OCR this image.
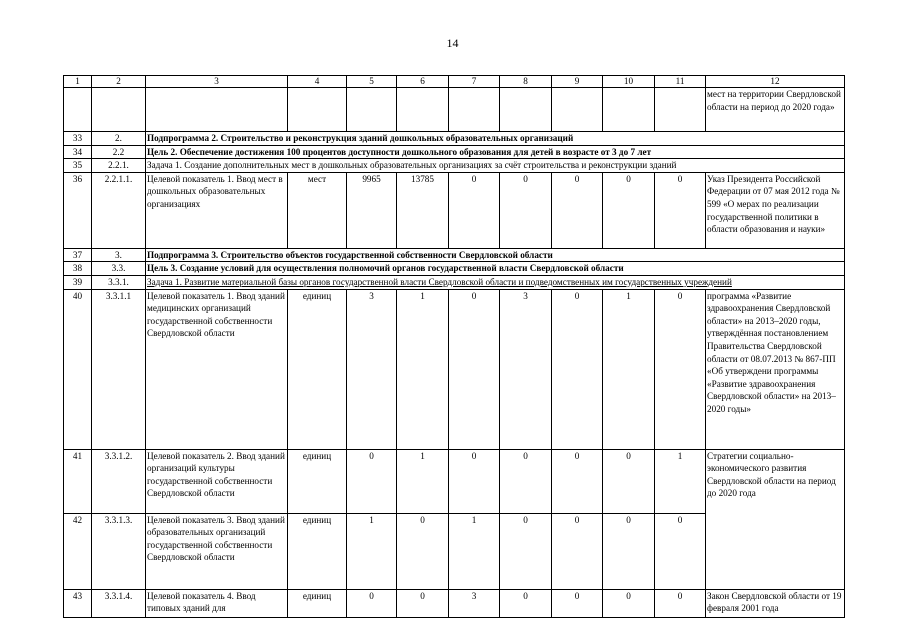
14
1	2	3	4	5	6	7	8	9	10	11	12
											мест на территории Свердловской области на период до 2020 года»
33	2.	Подпрограмма 2. Строительство и реконструкция зданий дошкольных образовательных организаций									
34	2.2	Цель 2. Обеспечение достижения 100 процентов доступности дошкольного образования для детей в возрасте от 3 до 7 лет									
35	2.2.1.	Задача 1. Создание дополнительных мест в дошкольных образовательных организациях за счёт строительства и реконструкции зданий									
36	2.2.1.1.	Целевой показатель 1. Ввод мест в дошкольных образовательных организациях	мест	9965	13785	0	0	0	0	0	Указ Президента Российской Федерации от 07 мая 2012 года № 599 «О мерах по реализации государственной политики в области образования и науки»
37	3.	Подпрограмма 3. Строительство объектов государственной собственности Свердловской области									
38	3.3.	Цель 3. Создание условий для осуществления полномочий органов государственной власти Свердловской области									
39	3.3.1.	Задача 1. Развитие материальной базы органов государственной власти Свердловской области и подведомственных им государственных учреждений									
40	3.3.1.1	Целевой показатель 1. Ввод зданий медицинских организаций государственной собственности Свердловской области	единиц	3	1	0	3	0	1	0	программа «Развитие здравоохранения Свердловской области» на 2013–2020 годы, утверждённая постановлением Правительства Свердловской области от 08.07.2013 № 867-ПП «Об утверждени программы «Развитие здравоохранения Свердловской области» на 2013–2020 годы»
41	3.3.1.2.	Целевой показатель 2. Ввод зданий организаций культуры государственной собственности Свердловской области	единиц	0	1	0	0	0	0	1	Стратегии социально-экономического развития Свердловской области на период до 2020 года
42	3.3.1.3.	Целевой показатель 3. Ввод зданий образовательных организаций государственной собственности Свердловской области	единиц	1	0	1	0	0	0	0	
43	3.3.1.4.	Целевой показатель 4. Ввод типовых зданий для	единиц	0	0	3	0	0	0	0	Закон Свердловской области от 19 февраля 2001 года
